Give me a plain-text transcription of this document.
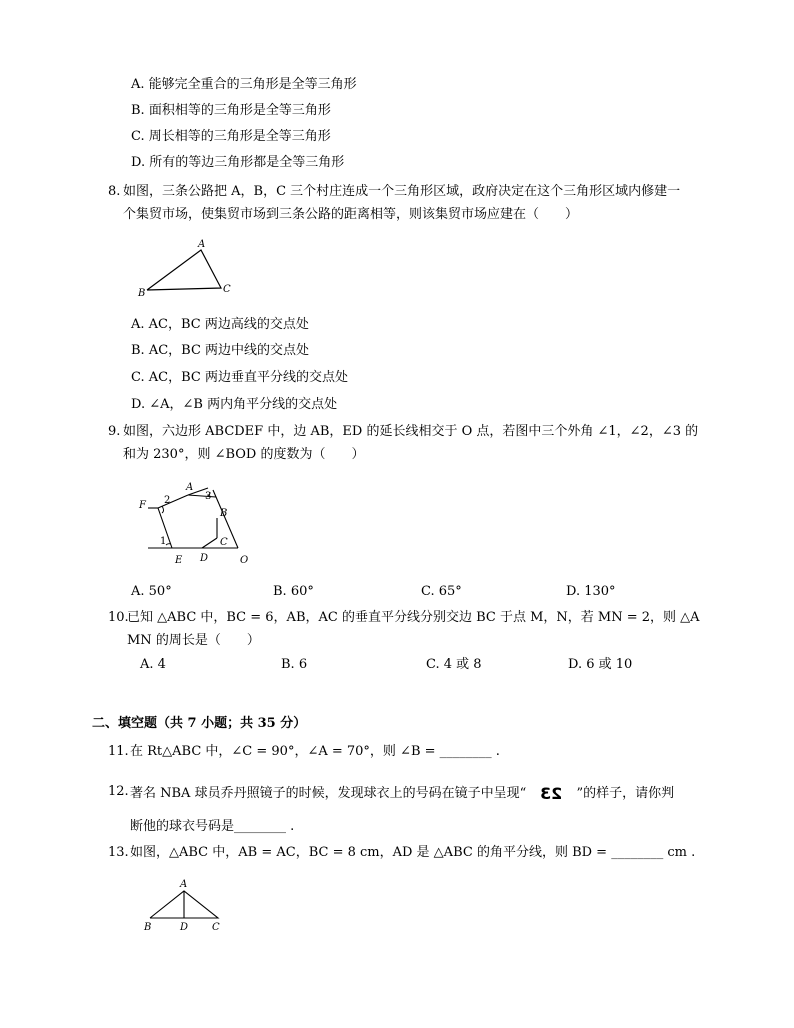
A. 能够完全重合的三角形是全等三角形
B. 面积相等的三角形是全等三角形
C. 周长相等的三角形是全等三角形
D. 所有的等边三角形都是全等三角形
8. 如图，三条公路把 A，B，C 三个村庄连成一个三角形区域，政府决定在这个三角形区域内修建一
个集贸市场，使集贸市场到三条公路的距离相等，则该集贸市场应建在（　　）
A
B	C
A. AC，BC 两边高线的交点处
B. AC，BC 两边中线的交点处
C. AC，BC 两边垂直平分线的交点处
D. ∠A，∠B 两内角平分线的交点处
9. 如图，六边形 ABCDEF 中，边 AB，ED 的延长线相交于 O 点，若图中三个外角 ∠1，∠2，∠3 的
和为 230°，则 ∠BOD 的度数为（　　）
A
3
2
F
B
C
1
E D	O
A. 50°	B. 60°	C. 65°	D. 130°
10.
已知 △ABC 中，BC = 6，AB，AC 的垂直平分线分别交边 BC 于点 M，N，若 MN = 2，则 △A
MN 的周长是（　　）
A. 4	B. 6	C. 4 或 8	D. 6 或 10
二、填空题（共 7 小题；共 35 分）
11. 在 Rt△ABC 中，∠C = 90°，∠A = 70°，则 ∠B = ________ .
12. 著名 NBA 球员乔丹照镜子的时候，发现球衣上的号码在镜子中呈现“ 23 ”的样子，请你判
断他的球衣号码是________ .
13. 如图，△ABC 中，AB = AC，BC = 8 cm，AD 是 △ABC 的角平分线，则 BD = ________ cm .
A
B	D C
